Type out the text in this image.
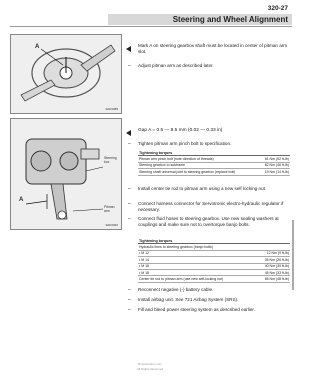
320-27
Steering and Wheel Alignment
A
320r0089
Mark A on steering gearbox shaft must be located in center of pitman arm slot.
– Adjust pitman arm as described later.
A
Steering box
Pitman arm
320r0090
Gap A = 0.5 — 8.5 mm (0.02 — 0.33 in)
– Tighten pitman arm pinch bolt to specification.
Tightening torques	
Pitman arm pinch bolt (note direction of threads)	61 Nm (52 ft-lb)
Steering gearbox to subframe	82 Nm (46 ft-lb)
Steering shaft universal joint to steering gearbox (replace bolt)	19 Nm (14 ft-lb)
– Install center tie rod to pitman arm using a new self locking nut.
– Connect harness connector for Servotronic electro-hydraulic regulator if necessary.
– Connect fluid hoses to steering gearbox. Use new sealing washers at couplings and make sure not to overtorque banjo bolts.
Tightening torques	
Hydraulic lines to steering gearbox (banjo bolts)	
• M 12	12 Nm (9 ft-lb)
• M 14	35 Nm (26 ft-lb)
• M 16	40 Nm (30 ft-lb)
• M 18	45 Nm (33 ft-lb)
Center tie rod to pitman arm (use new self-locking nut)	65 Nm (48 ft-lb)
– Reconnect negative (-) battery cable.
– Install airbag unit. See 721 Airbag System (SRS).
– Fill and bleed power steering system as described earlier.
BmwSolution.com
All Rights Reserved
